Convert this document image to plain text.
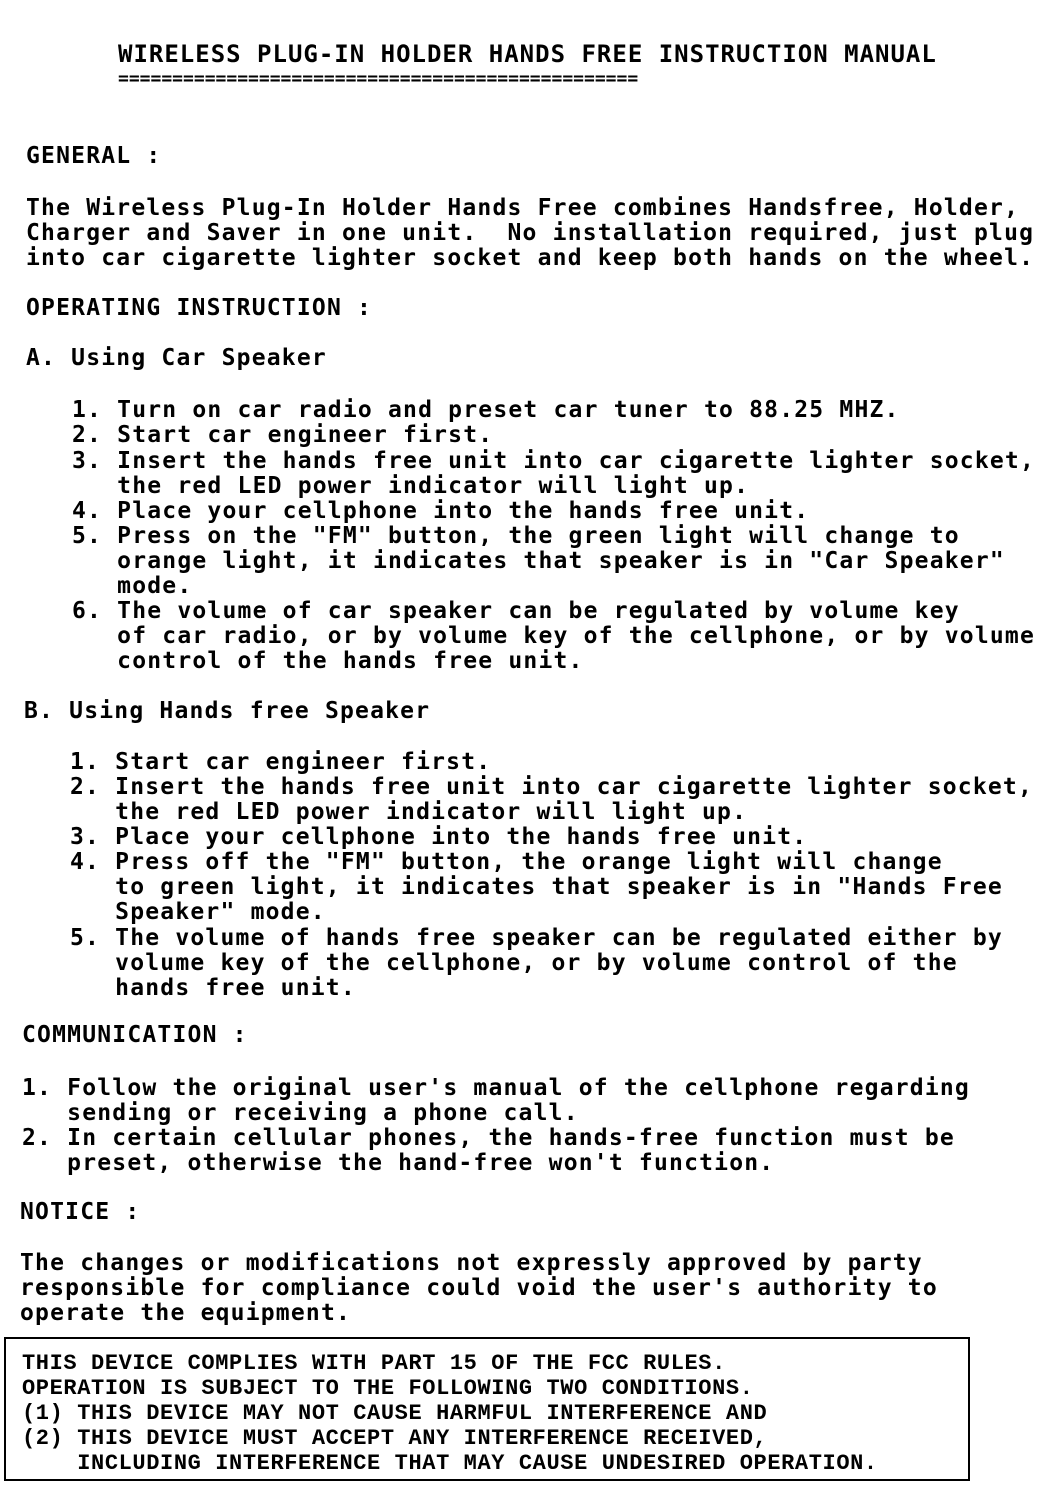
WIRELESS PLUG-IN HOLDER HANDS FREE INSTRUCTION MANUAL
================================================
GENERAL :
The Wireless Plug-In Holder Hands Free combines Handsfree, Holder,
Charger and Saver in one unit.  No installation required, just plug
into car cigarette lighter socket and keep both hands on the wheel.
OPERATING INSTRUCTION :
A. Using Car Speaker
1. Turn on car radio and preset car tuner to 88.25 MHZ.
2. Start car engineer first.
3. Insert the hands free unit into car cigarette lighter socket,
the red LED power indicator will light up.
4. Place your cellphone into the hands free unit.
5. Press on the "FM" button, the green light will change to
orange light, it indicates that speaker is in "Car Speaker"
mode.
6. The volume of car speaker can be regulated by volume key
of car radio, or by volume key of the cellphone, or by volume
control of the hands free unit.
B. Using Hands free Speaker
1. Start car engineer first.
2. Insert the hands free unit into car cigarette lighter socket,
the red LED power indicator will light up.
3. Place your cellphone into the hands free unit.
4. Press off the "FM" button, the orange light will change
to green light, it indicates that speaker is in "Hands Free
Speaker" mode.
5. The volume of hands free speaker can be regulated either by
volume key of the cellphone, or by volume control of the
hands free unit.
COMMUNICATION :
1. Follow the original user's manual of the cellphone regarding
sending or receiving a phone call.
2. In certain cellular phones, the hands-free function must be
preset, otherwise the hand-free won't function.
NOTICE :
The changes or modifications not expressly approved by party
responsible for compliance could void the user's authority to
operate the equipment.
THIS DEVICE COMPLIES WITH PART 15 OF THE FCC RULES.
OPERATION IS SUBJECT TO THE FOLLOWING TWO CONDITIONS.
(1) THIS DEVICE MAY NOT CAUSE HARMFUL INTERFERENCE AND
(2) THIS DEVICE MUST ACCEPT ANY INTERFERENCE RECEIVED,
INCLUDING INTERFERENCE THAT MAY CAUSE UNDESIRED OPERATION.
